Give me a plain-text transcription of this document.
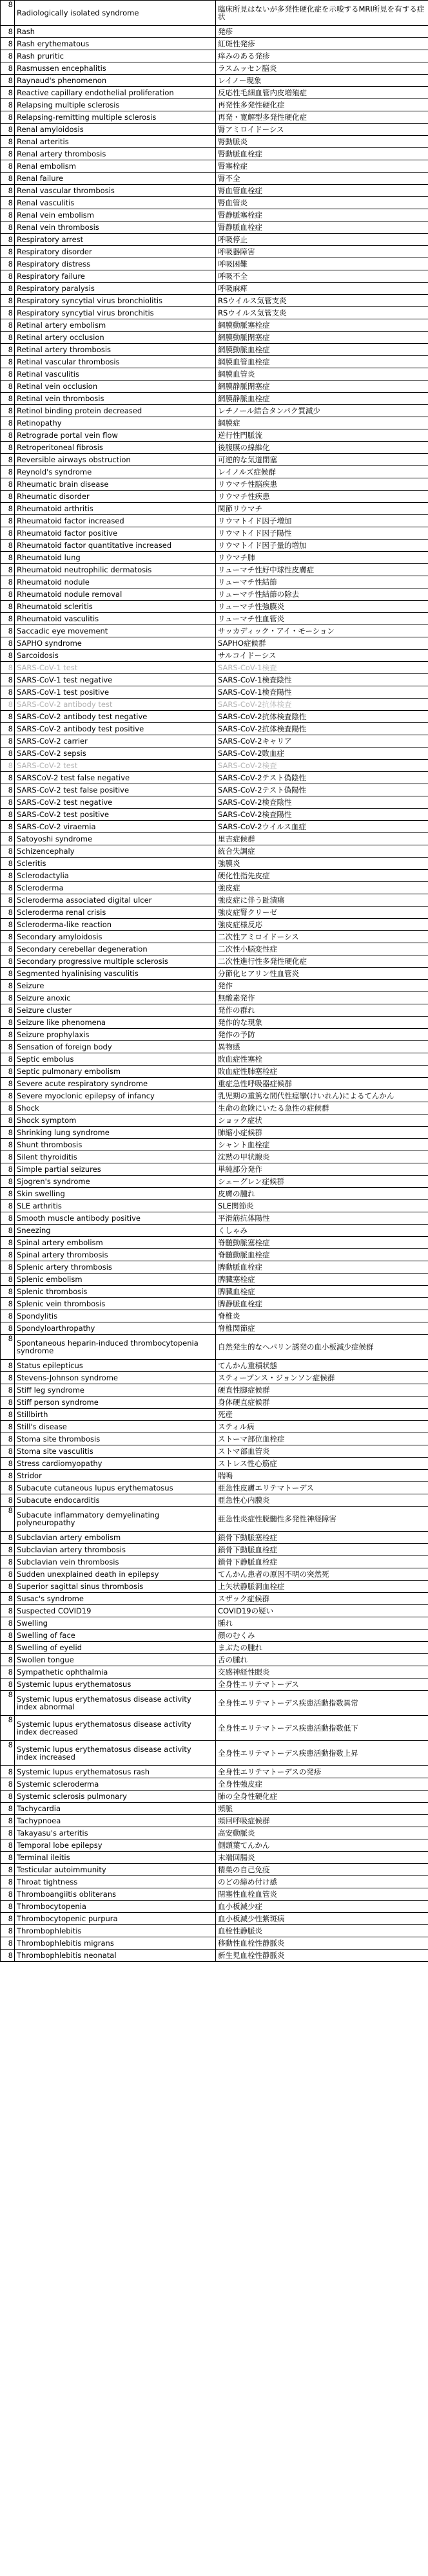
8	Radiologically isolated syndrome	臨床所見はないが多発性硬化症を示唆するMRI所見を有する症状
8	Rash	発疹
8	Rash erythematous	紅斑性発疹
8	Rash pruritic	痒みのある発疹
8	Rasmussen encephalitis	ラスムッセン脳炎
8	Raynaud's phenomenon	レイノー現象
8	Reactive capillary endothelial proliferation	反応性毛細血管内皮増殖症
8	Relapsing multiple sclerosis	再発性多発性硬化症
8	Relapsing-remitting multiple sclerosis	再発・寛解型多発性硬化症
8	Renal amyloidosis	腎アミロイドーシス
8	Renal arteritis	腎動脈炎
8	Renal artery thrombosis	腎動脈血栓症
8	Renal embolism	腎塞栓症
8	Renal failure	腎不全
8	Renal vascular thrombosis	腎血管血栓症
8	Renal vasculitis	腎血管炎
8	Renal vein embolism	腎静脈塞栓症
8	Renal vein thrombosis	腎静脈血栓症
8	Respiratory arrest	呼吸停止
8	Respiratory disorder	呼吸器障害
8	Respiratory distress	呼吸困難
8	Respiratory failure	呼吸不全
8	Respiratory paralysis	呼吸麻痺
8	Respiratory syncytial virus bronchiolitis	RSウイルス気管支炎
8	Respiratory syncytial virus bronchitis	RSウイルス気管支炎
8	Retinal artery embolism	網膜動脈塞栓症
8	Retinal artery occlusion	網膜動脈閉塞症
8	Retinal artery thrombosis	網膜動脈血栓症
8	Retinal vascular thrombosis	網膜血管血栓症
8	Retinal vasculitis	網膜血管炎
8	Retinal vein occlusion	網膜静脈閉塞症
8	Retinal vein thrombosis	網膜静脈血栓症
8	Retinol binding protein decreased	レチノール結合タンパク質減少
8	Retinopathy	網膜症
8	Retrograde portal vein flow	逆行性門脈流
8	Retroperitoneal fibrosis	後腹膜の線維化
8	Reversible airways obstruction	可逆的な気道閉塞
8	Reynold's syndrome	レイノルズ症候群
8	Rheumatic brain disease	リウマチ性脳疾患
8	Rheumatic disorder	リウマチ性疾患
8	Rheumatoid arthritis	関節リウマチ
8	Rheumatoid factor increased	リウマトイド因子増加
8	Rheumatoid factor positive	リウマトイド因子陽性
8	Rheumatoid factor quantitative increased	リウマトイド因子量的増加
8	Rheumatoid lung	リウマチ肺
8	Rheumatoid neutrophilic dermatosis	リューマチ性好中球性皮膚症
8	Rheumatoid nodule	リューマチ性結節
8	Rheumatoid nodule removal	リューマチ性結節の除去
8	Rheumatoid scleritis	リューマチ性強膜炎
8	Rheumatoid vasculitis	リューマチ性血管炎
8	Saccadic eye movement	サッカディック・アイ・モーション
8	SAPHO syndrome	SAPHO症候群
8	Sarcoidosis	サルコイドーシス
8	SARS-CoV-1 test	SARS-CoV-1検査
8	SARS-CoV-1 test negative	SARS-CoV-1検査陰性
8	SARS-CoV-1 test positive	SARS-CoV-1検査陽性
8	SARS-CoV-2 antibody test	SARS-CoV-2抗体検査
8	SARS-CoV-2 antibody test negative	SARS-CoV-2抗体検査陰性
8	SARS-CoV-2 antibody test positive	SARS-CoV-2抗体検査陽性
8	SARS-CoV-2 carrier	SARS-CoV-2キャリア
8	SARS-CoV-2 sepsis	SARS-CoV-2敗血症
8	SARS-CoV-2 test	SARS-CoV-2検査
8	SARSCoV-2 test false negative	SARS-CoV-2テスト偽陰性
8	SARS-CoV-2 test false positive	SARS-CoV-2テスト偽陽性
8	SARS-CoV-2 test negative	SARS-CoV-2検査陰性
8	SARS-CoV-2 test positive	SARS-CoV-2検査陽性
8	SARS-CoV-2 viraemia	SARS-CoV-2ウイルス血症
8	Satoyoshi syndrome	里吉症候群
8	Schizencephaly	統合失調症
8	Scleritis	強膜炎
8	Sclerodactylia	硬化性指先皮症
8	Scleroderma	強皮症
8	Scleroderma associated digital ulcer	強皮症に伴う趾潰瘍
8	Scleroderma renal crisis	強皮症腎クリーゼ
8	Scleroderma-like reaction	強皮症様反応
8	Secondary amyloidosis	二次性アミロイドーシス
8	Secondary cerebellar degeneration	二次性小脳変性症
8	Secondary progressive multiple sclerosis	二次性進行性多発性硬化症
8	Segmented hyalinising vasculitis	分節化ヒアリン性血管炎
8	Seizure	発作
8	Seizure anoxic	無酸素発作
8	Seizure cluster	発作の群れ
8	Seizure like phenomena	発作的な現象
8	Seizure prophylaxis	発作の予防
8	Sensation of foreign body	異物感
8	Septic embolus	敗血症性塞栓
8	Septic pulmonary embolism	敗血症性肺塞栓症
8	Severe acute respiratory syndrome	重症急性呼吸器症候群
8	Severe myoclonic epilepsy of infancy	乳児期の重篤な間代性痙攣(けいれん)によるてんかん
8	Shock	生命の危険にいたる急性の症候群
8	Shock symptom	ショック症状
8	Shrinking lung syndrome	肺縮小症候群
8	Shunt thrombosis	シャント血栓症
8	Silent thyroiditis	沈黙の甲状腺炎
8	Simple partial seizures	単純部分発作
8	Sjogren's syndrome	シェーグレン症候群
8	Skin swelling	皮膚の腫れ
8	SLE arthritis	SLE関節炎
8	Smooth muscle antibody positive	平滑筋抗体陽性
8	Sneezing	くしゃみ
8	Spinal artery embolism	脊髄動脈塞栓症
8	Spinal artery thrombosis	脊髄動脈血栓症
8	Splenic artery thrombosis	脾動脈血栓症
8	Splenic embolism	脾臓塞栓症
8	Splenic thrombosis	脾臓血栓症
8	Splenic vein thrombosis	脾静脈血栓症
8	Spondylitis	脊椎炎
8	Spondyloarthropathy	脊椎関節症
8	Spontaneous heparin-induced thrombocytopenia syndrome	自然発生的なヘパリン誘発の血小板減少症候群
8	Status epilepticus	てんかん重積状態
8	Stevens-Johnson syndrome	スティーブンス・ジョンソン症候群
8	Stiff leg syndrome	硬直性脚症候群
8	Stiff person syndrome	身体硬直症候群
8	Stillbirth	死産
8	Still's disease	スティル病
8	Stoma site thrombosis	ストーマ部位血栓症
8	Stoma site vasculitis	ストマ部血管炎
8	Stress cardiomyopathy	ストレス性心筋症
8	Stridor	喘鳴
8	Subacute cutaneous lupus erythematosus	亜急性皮膚エリテマトーデス
8	Subacute endocarditis	亜急性心内膜炎
8	Subacute inflammatory demyelinating polyneuropathy	亜急性炎症性脱髄性多発性神経障害
8	Subclavian artery embolism	鎖骨下動脈塞栓症
8	Subclavian artery thrombosis	鎖骨下動脈血栓症
8	Subclavian vein thrombosis	鎖骨下静脈血栓症
8	Sudden unexplained death in epilepsy	てんかん患者の原因不明の突然死
8	Superior sagittal sinus thrombosis	上矢状静脈洞血栓症
8	Susac's syndrome	スザック症候群
8	Suspected COVID19	COVID19の疑い
8	Swelling	腫れ
8	Swelling of face	顔のむくみ
8	Swelling of eyelid	まぶたの腫れ
8	Swollen tongue	舌の腫れ
8	Sympathetic ophthalmia	交感神経性眼炎
8	Systemic lupus erythematosus	全身性エリテマトーデス
8	Systemic lupus erythematosus disease activity index abnormal	全身性エリテマトーデス疾患活動指数異常
8	Systemic lupus erythematosus disease activity index decreased	全身性エリテマトーデス疾患活動指数低下
8	Systemic lupus erythematosus disease activity index increased	全身性エリテマトーデス疾患活動指数上昇
8	Systemic lupus erythematosus rash	全身性エリテマトーデスの発疹
8	Systemic scleroderma	全身性強皮症
8	Systemic sclerosis pulmonary	肺の全身性硬化症
8	Tachycardia	頻脈
8	Tachypnoea	頻回呼吸症候群
8	Takayasu's arteritis	高安動脈炎
8	Temporal lobe epilepsy	側頭葉てんかん
8	Terminal ileitis	末端回腸炎
8	Testicular autoimmunity	精巣の自己免疫
8	Throat tightness	のどの締め付け感
8	Thromboangiitis obliterans	閉塞性血栓血管炎
8	Thrombocytopenia	血小板減少症
8	Thrombocytopenic purpura	血小板減少性紫斑病
8	Thrombophlebitis	血栓性静脈炎
8	Thrombophlebitis migrans	移動性血栓性静脈炎
8	Thrombophlebitis neonatal	新生児血栓性静脈炎
